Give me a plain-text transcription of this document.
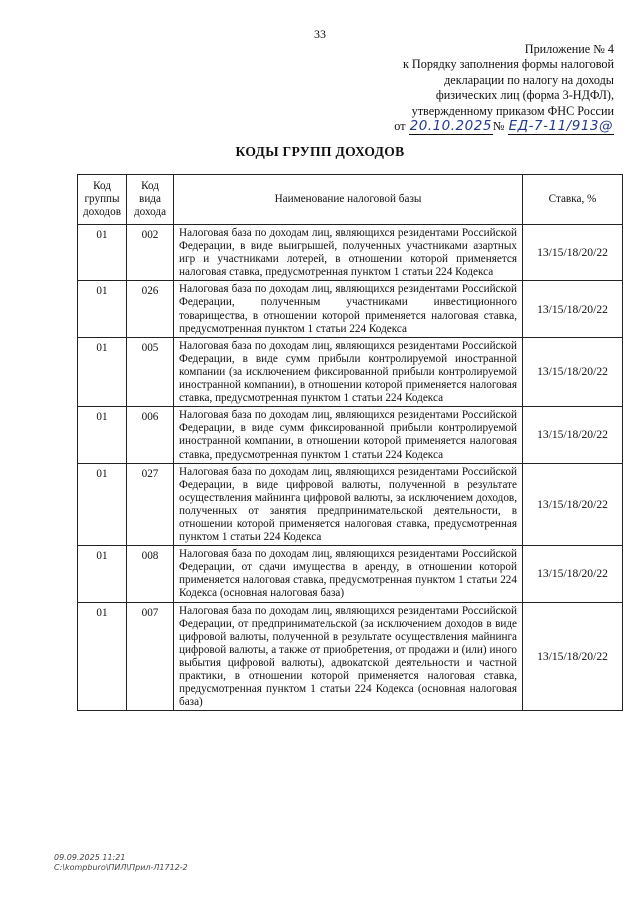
33
Приложение № 4
к Порядку заполнения формы налоговой
декларации по налогу на доходы
физических лиц (форма 3-НДФЛ),
утвержденному приказом ФНС России
от 20.10.2025№ ЕД-7-11/913@
КОДЫ ГРУПП ДОХОДОВ
Код группы доходов	Код вида дохода	Наименование налоговой базы	Ставка, %
01	002	Налоговая база по доходам лиц, являющихся резидентами Российской Федерации, в виде выигрышей, полученных участниками азартных игр и участниками лотерей, в отношении которой применяется налоговая ставка, предусмотренная пунктом 1 статьи 224 Кодекса	13/15/18/20/22
01	026	Налоговая база по доходам лиц, являющихся резидентами Российской Федерации, полученным участниками инвестиционного товарищества, в отношении которой применяется налоговая ставка, предусмотренная пунктом 1 статьи 224 Кодекса	13/15/18/20/22
01	005	Налоговая база по доходам лиц, являющихся резидентами Российской Федерации, в виде сумм прибыли контролируемой иностранной компании (за исключением фиксированной прибыли контролируемой иностранной компании), в отношении которой применяется налоговая ставка, предусмотренная пунктом 1 статьи 224 Кодекса	13/15/18/20/22
01	006	Налоговая база по доходам лиц, являющихся резидентами Российской Федерации, в виде сумм фиксированной прибыли контролируемой иностранной компании, в отношении которой применяется налоговая ставка, предусмотренная пунктом 1 статьи 224 Кодекса	13/15/18/20/22
01	027	Налоговая база по доходам лиц, являющихся резидентами Российской Федерации, в виде цифровой валюты, полученной в результате осуществления майнинга цифровой валюты, за исключением доходов, полученных от занятия предпринимательской деятельности, в отношении которой применяется налоговая ставка, предусмотренная пунктом 1 статьи 224 Кодекса	13/15/18/20/22
01	008	Налоговая база по доходам лиц, являющихся резидентами Российской Федерации, от сдачи имущества в аренду, в отношении которой применяется налоговая ставка, предусмотренная пунктом 1 статьи 224 Кодекса (основная налоговая база)	13/15/18/20/22
01	007	Налоговая база по доходам лиц, являющихся резидентами Российской Федерации, от предпринимательской (за исключением доходов в виде цифровой валюты, полученной в результате осуществления майнинга цифровой валюты, а также от приобретения, от продажи и (или) иного выбытия цифровой валюты), адвокатской деятельности и частной практики, в отношении которой применяется налоговая ставка, предусмотренная пунктом 1 статьи 224 Кодекса (основная налоговая база)	13/15/18/20/22
09.09.2025 11:21
C:\kompburo\ПИЛ\Прил-Л1712-2
